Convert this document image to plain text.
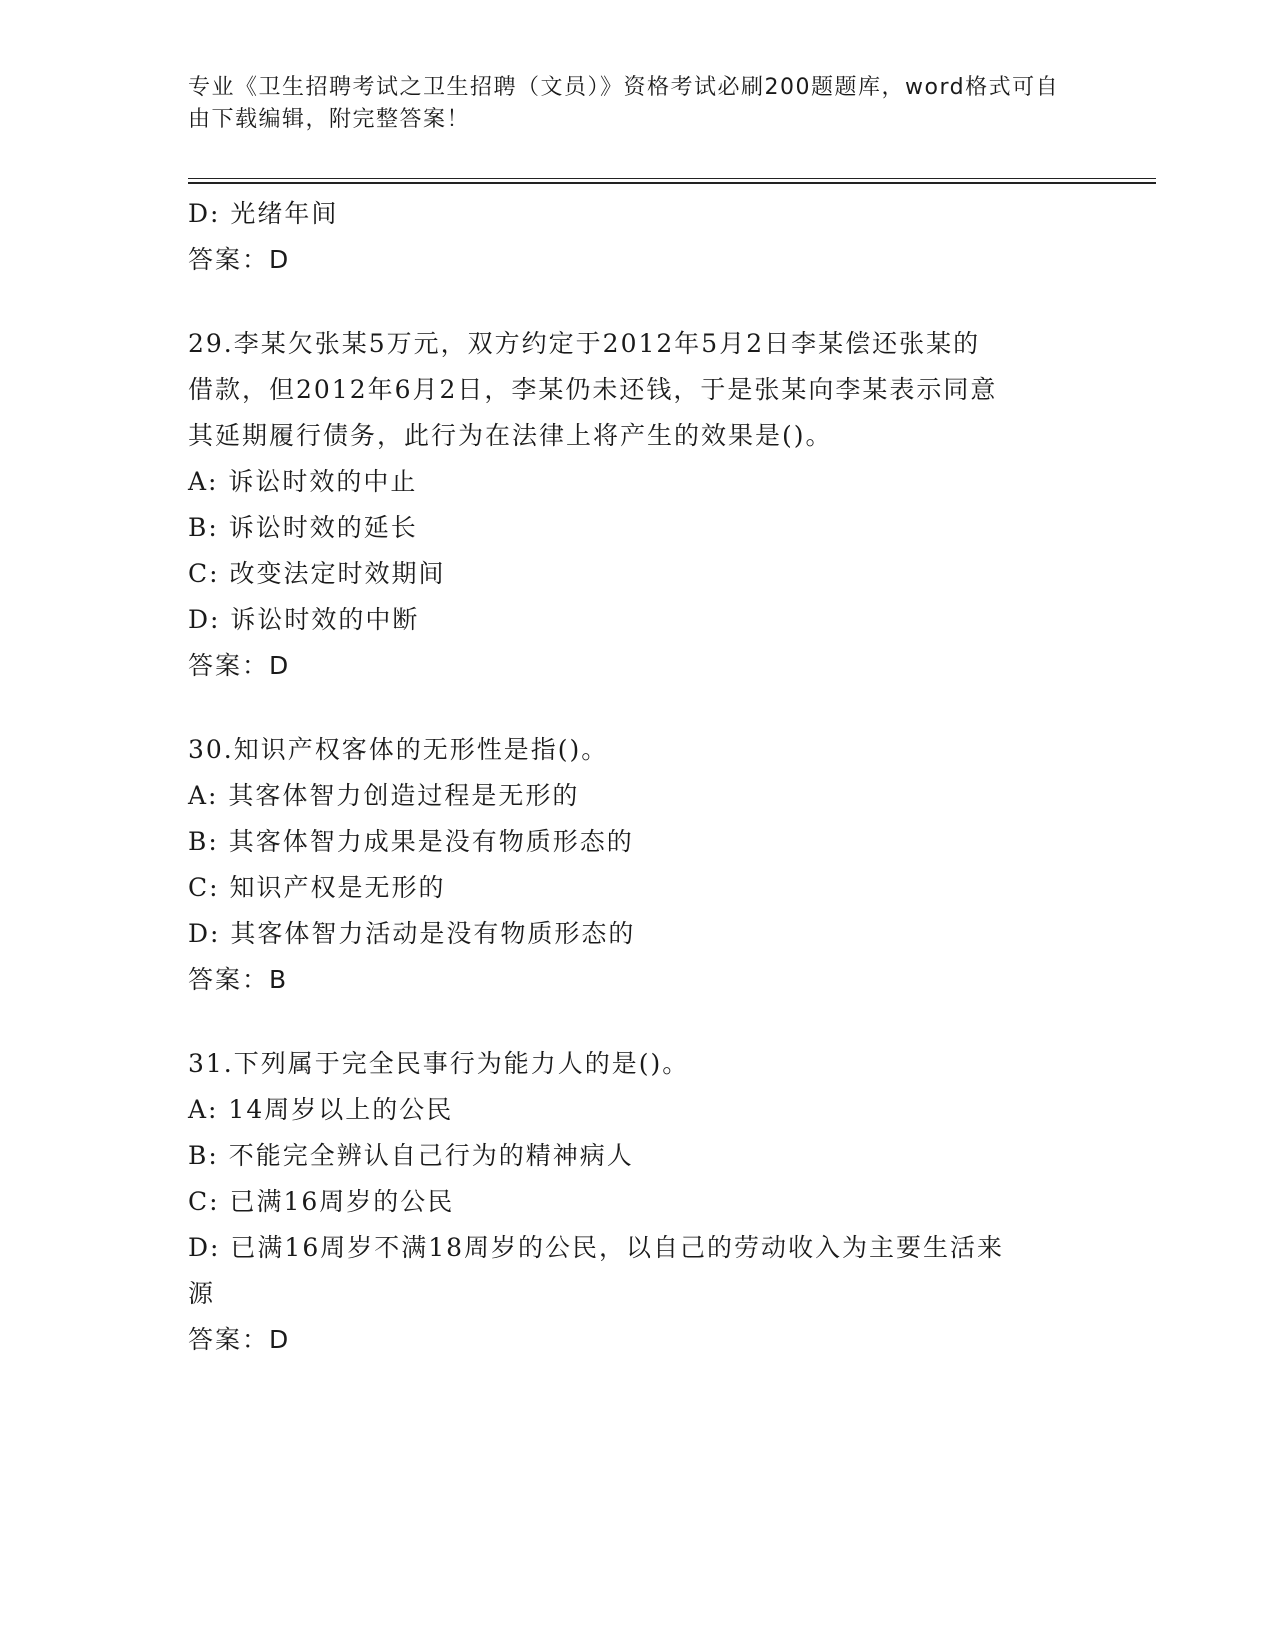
专业《卫生招聘考试之卫生招聘（文员）》资格考试必刷200题题库，word格式可自由下载编辑，附完整答案！

D: 光绪年间

答案：D

29.李某欠张某5万元，双方约定于2012年5月2日李某偿还张某的

借款，但2012年6月2日，李某仍未还钱，于是张某向李某表示同意

其延期履行债务，此行为在法律上将产生的效果是()。

A: 诉讼时效的中止

B: 诉讼时效的延长

C: 改变法定时效期间

D: 诉讼时效的中断

答案：D

30.知识产权客体的无形性是指()。

A: 其客体智力创造过程是无形的

B: 其客体智力成果是没有物质形态的

C: 知识产权是无形的

D: 其客体智力活动是没有物质形态的

答案：B

31.下列属于完全民事行为能力人的是()。

A: 14周岁以上的公民

B: 不能完全辨认自己行为的精神病人

C: 已满16周岁的公民

D: 已满16周岁不满18周岁的公民，以自己的劳动收入为主要生活来

源

答案：D
